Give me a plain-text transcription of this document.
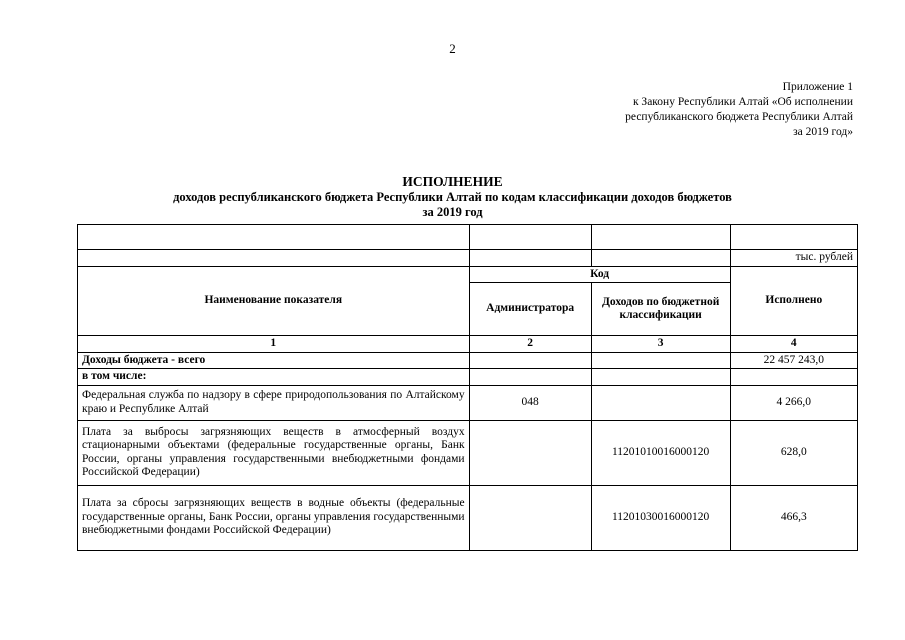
2
Приложение 1
к Закону Республики Алтай «Об исполнении
республиканского бюджета Республики Алтай
за 2019 год»
ИСПОЛНЕНИЕ
доходов республиканского бюджета Республики Алтай по кодам классификации доходов бюджетов
за 2019 год

			тыс. рублей
Наименование показателя	Код		Исполнено
	Администратора	Доходов по бюджетной классификации	
1	2	3	4
Доходы бюджета - всего			22 457 243,0
в том числе:			
Федеральная служба по надзору в сфере природопользования по Алтайскому краю и Республике Алтай	048		4 266,0
Плата за выбросы загрязняющих веществ в атмосферный воздух стационарными объектами (федеральные государственные органы, Банк России, органы управления государственными внебюджетными фондами Российской Федерации)		11201010016000120	628,0
Плата за сбросы загрязняющих веществ в водные объекты (федеральные государственные органы, Банк России, органы управления государственными внебюджетными фондами Российской Федерации)		11201030016000120	466,3
